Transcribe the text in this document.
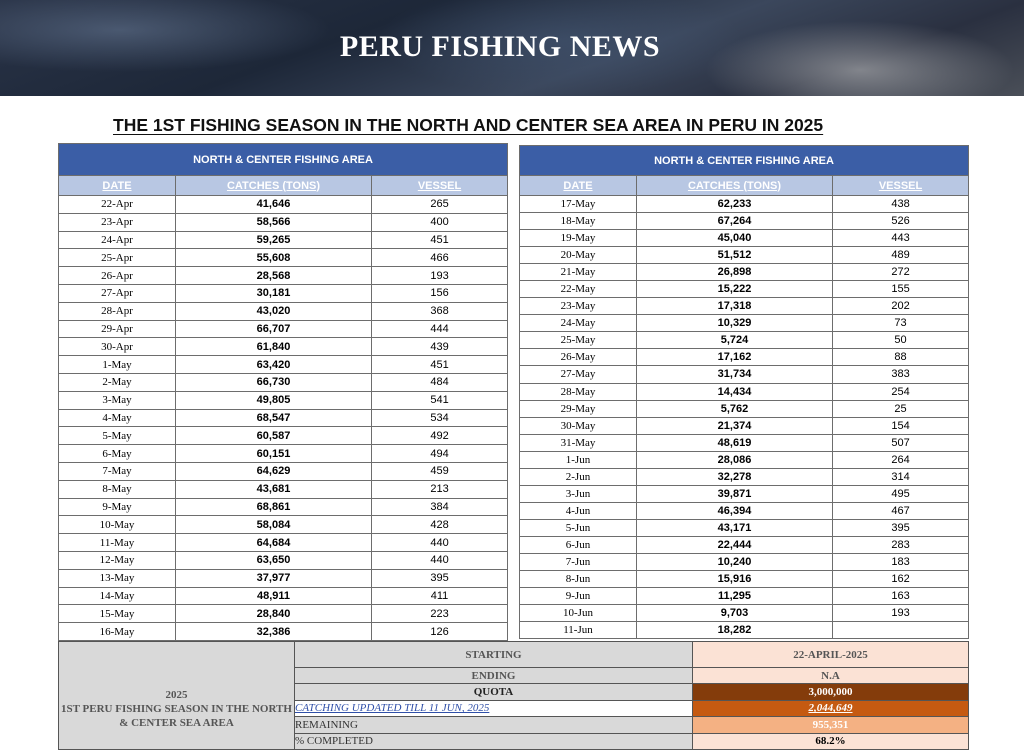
PERU FISHING NEWS
THE 1ST FISHING SEASON IN THE NORTH AND CENTER SEA AREA IN PERU IN 2025
NORTH & CENTER FISHING AREA		
DATE	CATCHES (TONS)	VESSEL
22-Apr	41,646	265
23-Apr	58,566	400
24-Apr	59,265	451
25-Apr	55,608	466
26-Apr	28,568	193
27-Apr	30,181	156
28-Apr	43,020	368
29-Apr	66,707	444
30-Apr	61,840	439
1-May	63,420	451
2-May	66,730	484
3-May	49,805	541
4-May	68,547	534
5-May	60,587	492
6-May	60,151	494
7-May	64,629	459
8-May	43,681	213
9-May	68,861	384
10-May	58,084	428
11-May	64,684	440
12-May	63,650	440
13-May	37,977	395
14-May	48,911	411
15-May	28,840	223
16-May	32,386	126
NORTH & CENTER FISHING AREA		
DATE	CATCHES (TONS)	VESSEL
17-May	62,233	438
18-May	67,264	526
19-May	45,040	443
20-May	51,512	489
21-May	26,898	272
22-May	15,222	155
23-May	17,318	202
24-May	10,329	73
25-May	5,724	50
26-May	17,162	88
27-May	31,734	383
28-May	14,434	254
29-May	5,762	25
30-May	21,374	154
31-May	48,619	507
1-Jun	28,086	264
2-Jun	32,278	314
3-Jun	39,871	495
4-Jun	46,394	467
5-Jun	43,171	395
6-Jun	22,444	283
7-Jun	10,240	183
8-Jun	15,916	162
9-Jun	11,295	163
10-Jun	9,703	193
11-Jun	18,282	
2025
1ST PERU FISHING SEASON IN THE NORTH & CENTER SEA AREA	STARTING	22-APRIL-2025
	ENDING	N.A
	QUOTA	3,000,000
	CATCHING UPDATED TILL 11 JUN, 2025	2,044,649
	REMAINING	955,351
	% COMPLETED	68.2%
